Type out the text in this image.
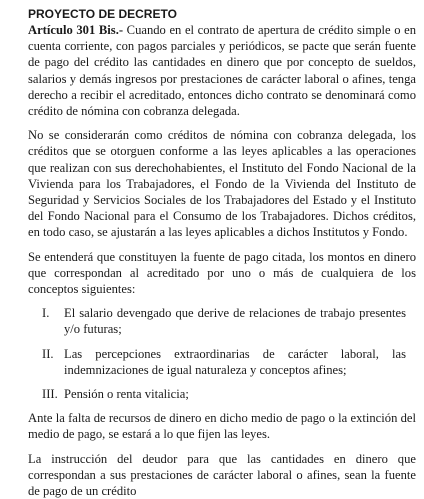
PROYECTO DE DECRETO

Artículo 301 Bis.- Cuando en el contrato de apertura de crédito simple o en cuenta corriente, con pagos parciales y periódicos, se pacte que serán fuente de pago del crédito las cantidades en dinero que por concepto de sueldos, salarios y demás ingresos por prestaciones de carácter laboral o afines, tenga derecho a recibir el acreditado, entonces dicho contrato se denominará como crédito de nómina con cobranza delegada.

No se considerarán como créditos de nómina con cobranza delegada, los créditos que se otorguen conforme a las leyes aplicables a las operaciones que realizan con sus derechohabientes, el Instituto del Fondo Nacional de la Vivienda para los Trabajadores, el Fondo de la Vivienda del Instituto de Seguridad y Servicios Sociales de los Trabajadores del Estado y el Instituto del Fondo Nacional para el Consumo de los Trabajadores. Dichos créditos, en todo caso, se ajustarán a las leyes aplicables a dichos Institutos y Fondo.

Se entenderá que constituyen la fuente de pago citada, los montos en dinero que correspondan al acreditado por uno o más de cualquiera de los conceptos siguientes:

I.	El salario devengado que derive de relaciones de trabajo presentes y/o futuras;
II. Las percepciones extraordinarias de carácter laboral, las indemnizaciones de igual naturaleza y conceptos afines;
III. Pensión o renta vitalicia;

Ante la falta de recursos de dinero en dicho medio de pago o la extinción del medio de pago, se estará a lo que fijen las leyes.

La instrucción del deudor para que las cantidades en dinero que correspondan a sus prestaciones de carácter laboral o afines, sean la fuente de pago de un crédito
